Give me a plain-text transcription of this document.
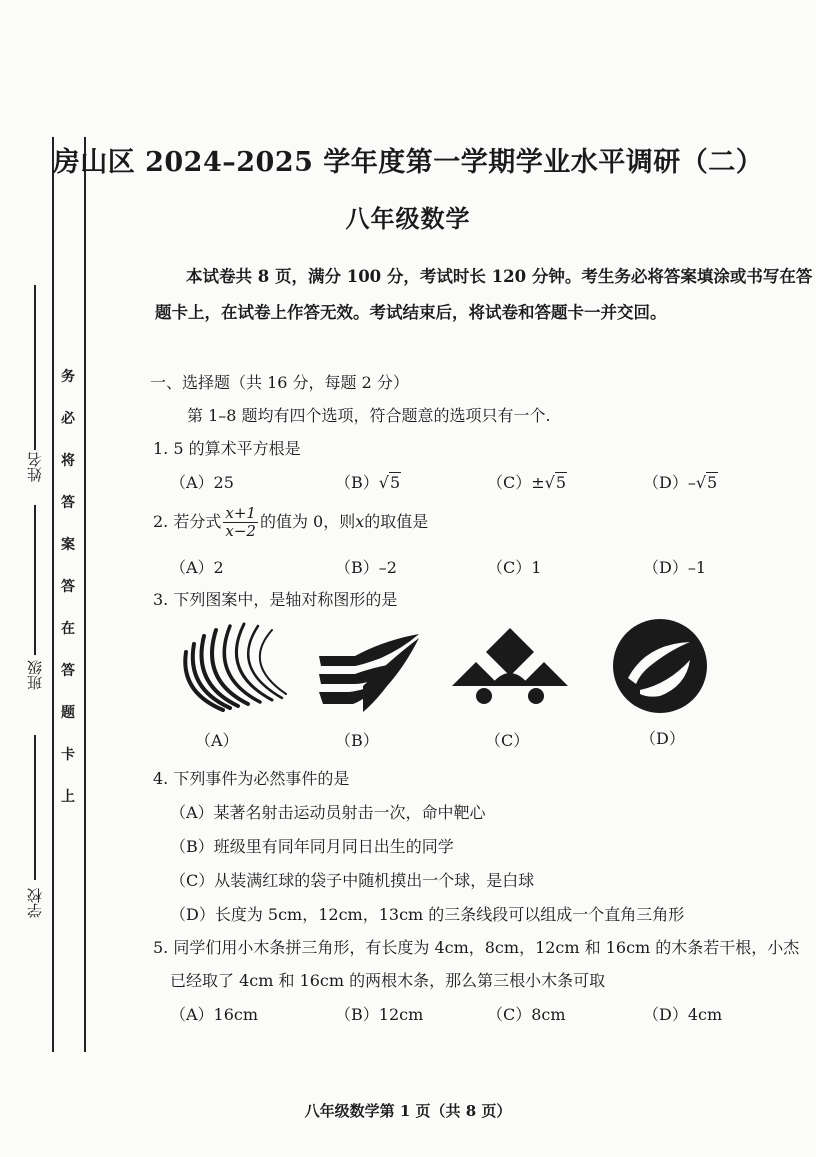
姓名
班级
学校
务
必
将
答
案
答
在
答
题
卡
上
房山区 2024–2025 学年度第一学期学业水平调研（二）
八年级数学
本试卷共 8 页，满分 100 分，考试时长 120 分钟。考生务必将答案填涂或书写在答
题卡上，在试卷上作答无效。考试结束后，将试卷和答题卡一并交回。
一、选择题（共 16 分，每题 2 分）
第 1–8 题均有四个选项，符合题意的选项只有一个.
1. 5 的算术平方根是
（A）25	（B）√5	（C）±√5	（D）–√5
2. 若分式 $\frac{x+1}{x-2}$ 的值为 0，则x的取值是
（A）2	（B）–2	（C）1	（D）–1
3. 下列图案中，是轴对称图形的是
（A）	（B）	（C）	（D）
4. 下列事件为必然事件的是
（A）某著名射击运动员射击一次，命中靶心
（B）班级里有同年同月同日出生的同学
（C）从装满红球的袋子中随机摸出一个球，是白球
（D）长度为 5cm，12cm，13cm 的三条线段可以组成一个直角三角形
5. 同学们用小木条拼三角形，有长度为 4cm，8cm，12cm 和 16cm 的木条若干根，小杰
已经取了 4cm 和 16cm 的两根木条，那么第三根小木条可取
（A）16cm	（B）12cm	（C）8cm	（D）4cm
八年级数学第 1 页（共 8 页）
